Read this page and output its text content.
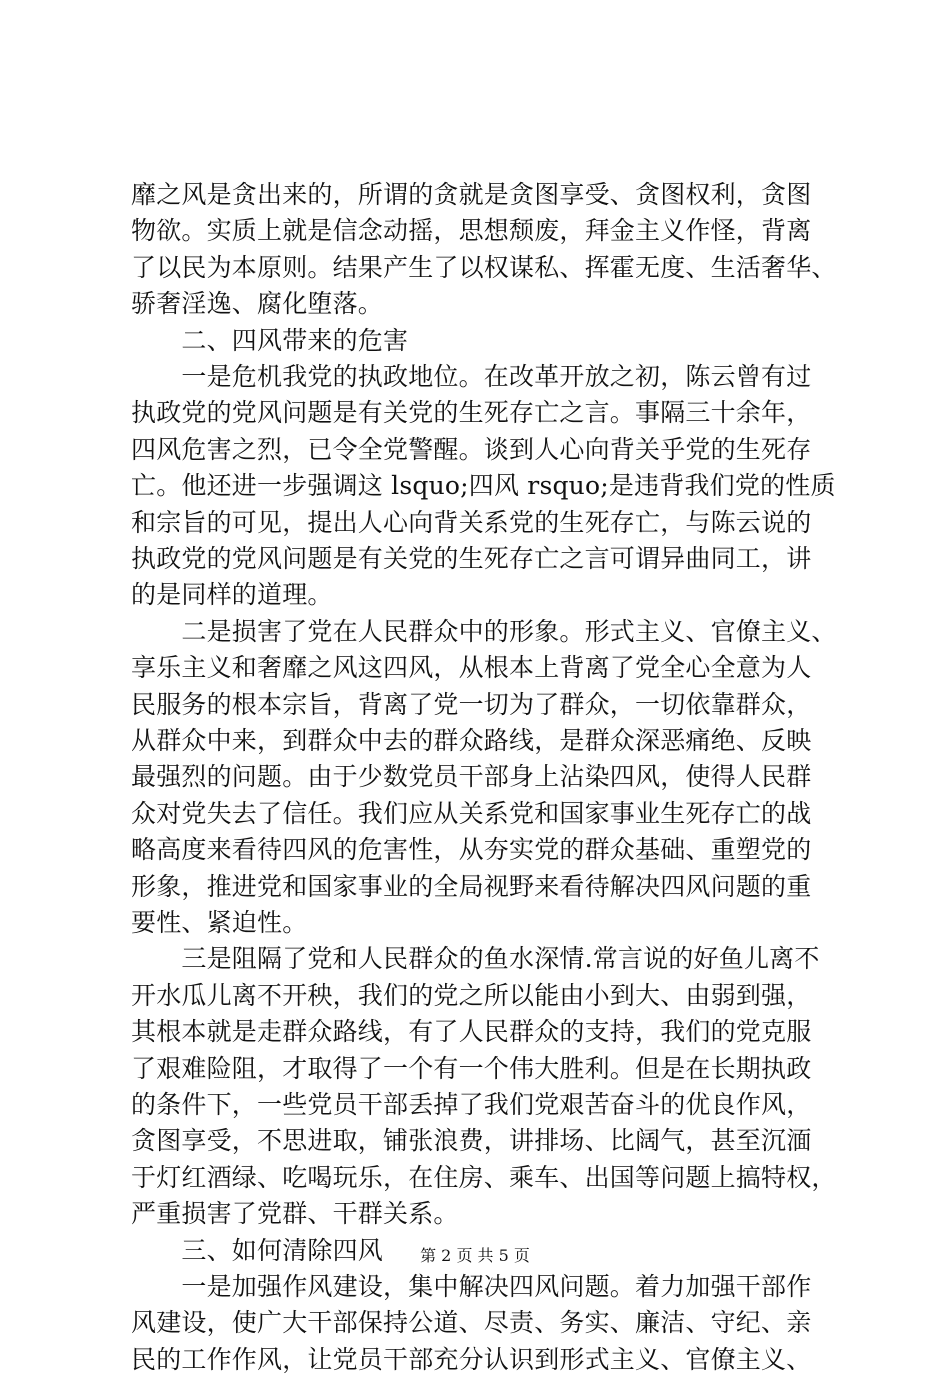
靡之风是贪出来的，所谓的贪就是贪图享受、贪图权利，贪图
物欲。实质上就是信念动摇，思想颓废，拜金主义作怪，背离
了以民为本原则。结果产生了以权谋私、挥霍无度、生活奢华、
骄奢淫逸、腐化堕落。
　　二、四风带来的危害
　　一是危机我党的执政地位。在改革开放之初，陈云曾有过
执政党的党风问题是有关党的生死存亡之言。事隔三十余年，
四风危害之烈，已令全党警醒。谈到人心向背关乎党的生死存
亡。他还进一步强调这 lsquo;四风 rsquo;是违背我们党的性质
和宗旨的可见，提出人心向背关系党的生死存亡，与陈云说的
执政党的党风问题是有关党的生死存亡之言可谓异曲同工，讲
的是同样的道理。
　　二是损害了党在人民群众中的形象。形式主义、官僚主义、
享乐主义和奢靡之风这四风，从根本上背离了党全心全意为人
民服务的根本宗旨，背离了党一切为了群众，一切依靠群众，
从群众中来，到群众中去的群众路线，是群众深恶痛绝、反映
最强烈的问题。由于少数党员干部身上沾染四风，使得人民群
众对党失去了信任。我们应从关系党和国家事业生死存亡的战
略高度来看待四风的危害性，从夯实党的群众基础、重塑党的
形象，推进党和国家事业的全局视野来看待解决四风问题的重
要性、紧迫性。
　　三是阻隔了党和人民群众的鱼水深情.常言说的好鱼儿离不
开水瓜儿离不开秧，我们的党之所以能由小到大、由弱到强，
其根本就是走群众路线，有了人民群众的支持，我们的党克服
了艰难险阻，才取得了一个有一个伟大胜利。但是在长期执政
的条件下，一些党员干部丢掉了我们党艰苦奋斗的优良作风，
贪图享受，不思进取，铺张浪费，讲排场、比阔气，甚至沉湎
于灯红酒绿、吃喝玩乐，在住房、乘车、出国等问题上搞特权，
严重损害了党群、干群关系。
　　三、如何清除四风
　　一是加强作风建设，集中解决四风问题。着力加强干部作
风建设，使广大干部保持公道、尽责、务实、廉洁、守纪、亲
民的工作作风，让党员干部充分认识到形式主义、官僚主义、
第 2 页 共 5 页
